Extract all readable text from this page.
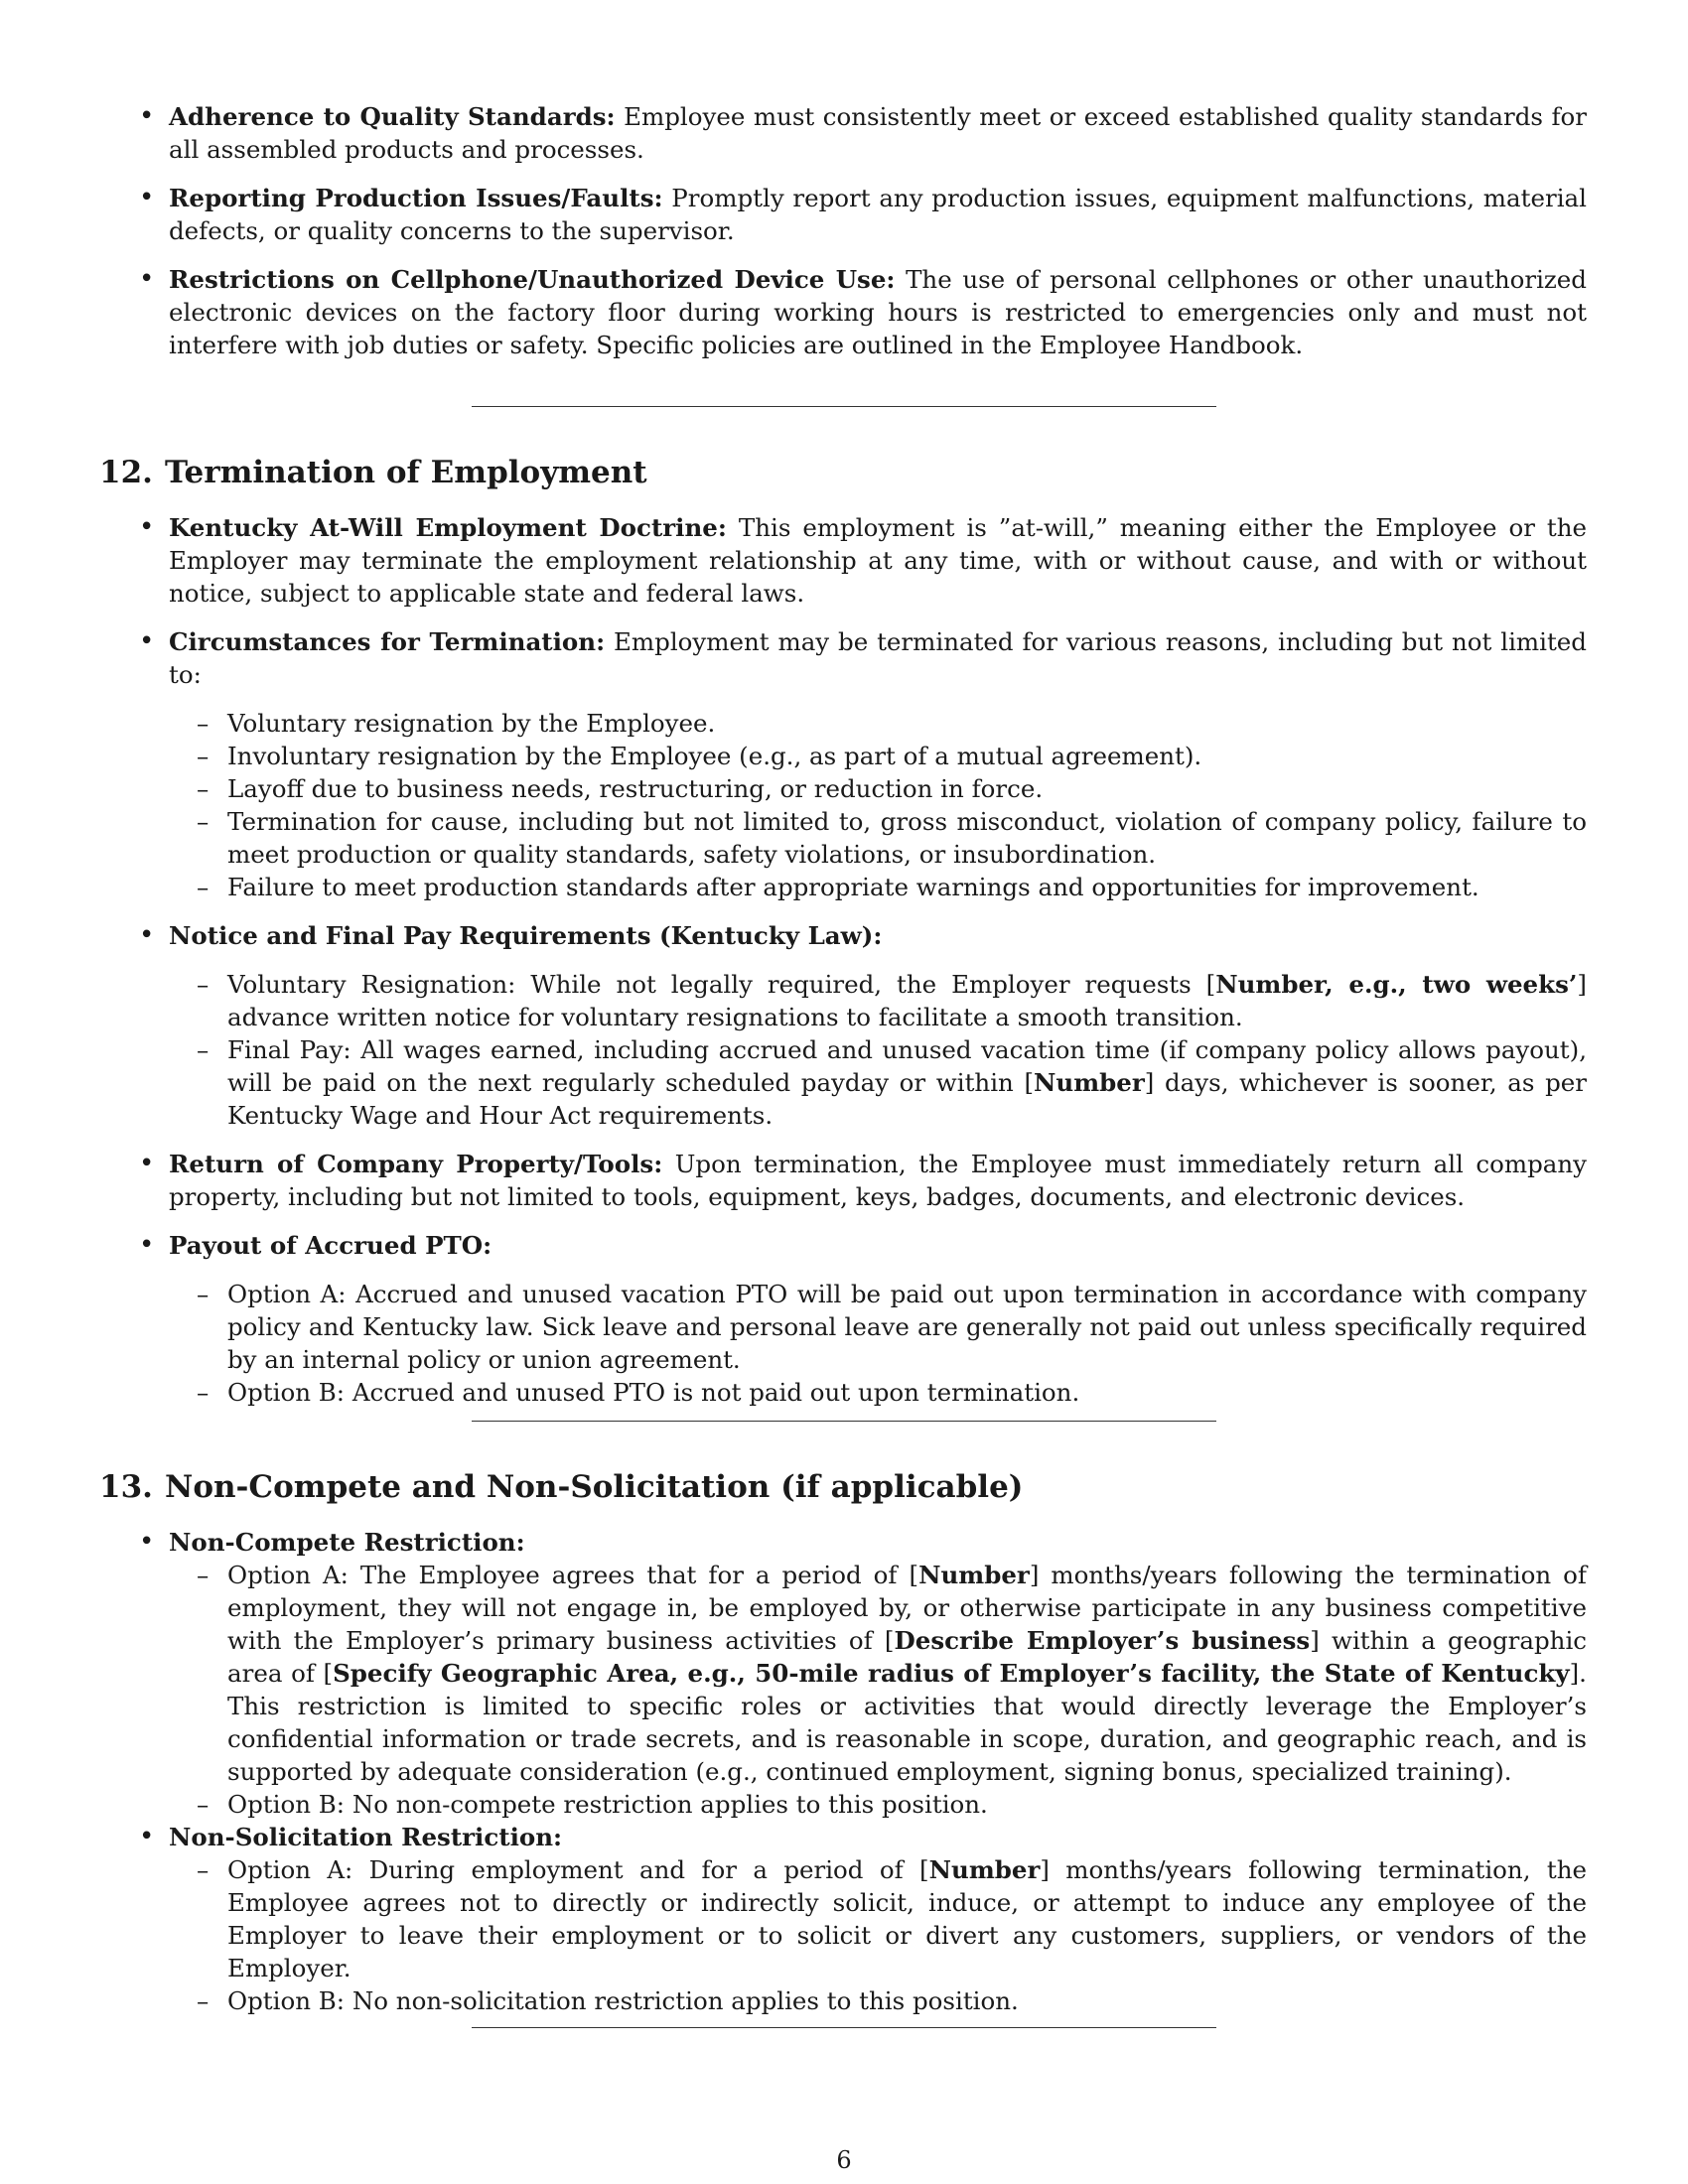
• Adherence to Quality Standards: Employee must consistently meet or exceed established quality standards for all assembled products and processes.
• Reporting Production Issues/Faults: Promptly report any production issues, equipment malfunctions, material defects, or quality concerns to the supervisor.
• Restrictions on Cellphone/Unauthorized Device Use: The use of personal cellphones or other unauthorized electronic devices on the factory floor during working hours is restricted to emergencies only and must not interfere with job duties or safety. Specific policies are outlined in the Employee Handbook.
12. Termination of Employment
• Kentucky At-Will Employment Doctrine: This employment is ”at-will,” meaning either the Employee or the Employer may terminate the employment relationship at any time, with or without cause, and with or without notice, subject to applicable state and federal laws.
• Circumstances for Termination: Employment may be terminated for various reasons, including but not limited to:
– Voluntary resignation by the Employee.
– Involuntary resignation by the Employee (e.g., as part of a mutual agreement).
– Layoff due to business needs, restructuring, or reduction in force.
– Termination for cause, including but not limited to, gross misconduct, violation of company policy, failure to meet production or quality standards, safety violations, or insubordination.
– Failure to meet production standards after appropriate warnings and opportunities for improvement.
• Notice and Final Pay Requirements (Kentucky Law):
– Voluntary Resignation: While not legally required, the Employer requests [Number, e.g., two weeks’] advance written notice for voluntary resignations to facilitate a smooth transition.
– Final Pay: All wages earned, including accrued and unused vacation time (if company policy allows payout), will be paid on the next regularly scheduled payday or within [Number] days, whichever is sooner, as per Kentucky Wage and Hour Act requirements.
• Return of Company Property/Tools: Upon termination, the Employee must immediately return all company property, including but not limited to tools, equipment, keys, badges, documents, and electronic devices.
• Payout of Accrued PTO:
– Option A: Accrued and unused vacation PTO will be paid out upon termination in accordance with company policy and Kentucky law. Sick leave and personal leave are generally not paid out unless specifically required by an internal policy or union agreement.
– Option B: Accrued and unused PTO is not paid out upon termination.
13. Non-Compete and Non-Solicitation (if applicable)
• Non-Compete Restriction:
– Option A: The Employee agrees that for a period of [Number] months/years following the termination of employment, they will not engage in, be employed by, or otherwise participate in any business competitive with the Employer’s primary business activities of [Describe Employer’s business] within a geographic area of [Specify Geographic Area, e.g., 50-mile radius of Employer’s facility, the State of Kentucky]. This restriction is limited to specific roles or activities that would directly leverage the Employer’s confidential information or trade secrets, and is reasonable in scope, duration, and geographic reach, and is supported by adequate consideration (e.g., continued employment, signing bonus, specialized training).
– Option B: No non-compete restriction applies to this position.
• Non-Solicitation Restriction:
– Option A: During employment and for a period of [Number] months/years following termination, the Employee agrees not to directly or indirectly solicit, induce, or attempt to induce any employee of the Employer to leave their employment or to solicit or divert any customers, suppliers, or vendors of the Employer.
– Option B: No non-solicitation restriction applies to this position.
6
